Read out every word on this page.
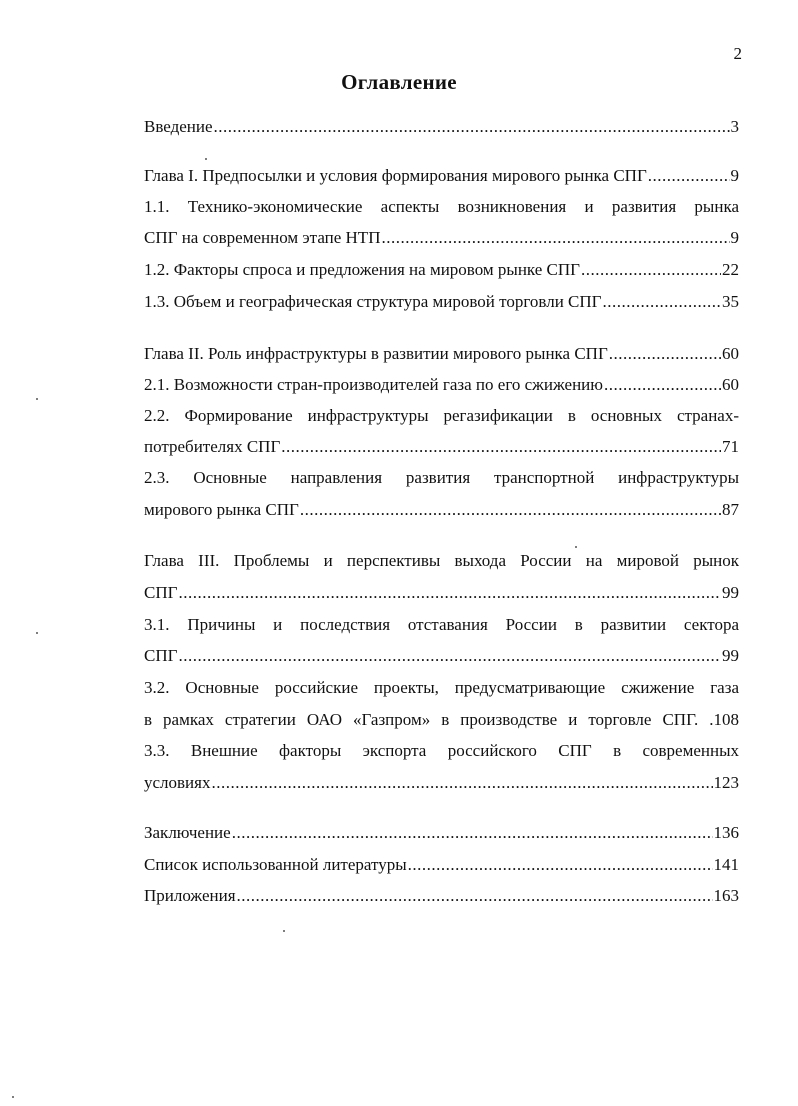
2
Оглавление
Введение .....	3
Глава I. Предпосылки и условия формирования мирового рынка СПГ .....	9
1.1. Технико-экономические аспекты возникновения и развития рынка
СПГ на современном этапе НТП .....	9
1.2. Факторы спроса и предложения на мировом рынке СПГ .....	22
1.3. Объем и географическая структура мировой торговли СПГ .....	35
Глава II. Роль инфраструктуры в развитии мирового рынка СПГ .....	60
2.1. Возможности стран-производителей газа по его сжижению .....	60
2.2. Формирование инфраструктуры регазификации в основных странах-
потребителях СПГ .....	71
2.3. Основные направления развития транспортной инфраструктуры
мирового рынка СПГ .....	87
Глава III. Проблемы и перспективы выхода России на мировой рынок
СПГ .....	99
3.1. Причины и последствия отставания России в развитии сектора
СПГ .....	99
3.2. Основные российские проекты, предусматривающие сжижение газа
в рамках стратегии ОАО «Газпром» в производстве и торговле СПГ. .108
3.3. Внешние факторы экспорта российского СПГ в современных
условиях .....	123
Заключение .....	136
Список использованной литературы .....	141
Приложения .....	163
